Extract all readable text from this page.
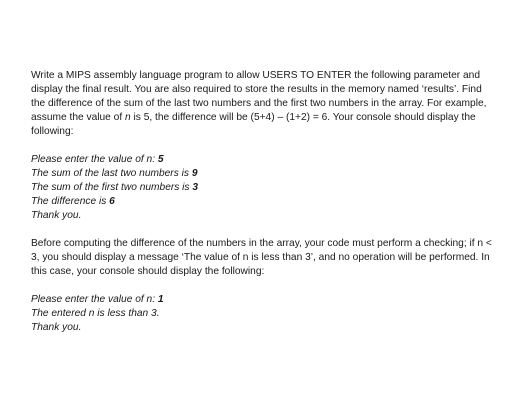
Write a MIPS assembly language program to allow USERS TO ENTER the following parameter and display the final result. You are also required to store the results in the memory named ‘results’. Find the difference of the sum of the last two numbers and the first two numbers in the array. For example, assume the value of n is 5, the difference will be (5+4) – (1+2) = 6. Your console should display the following:

Please enter the value of n: 5
The sum of the last two numbers is 9
The sum of the first two numbers is 3
The difference is 6
Thank you.

Before computing the difference of the numbers in the array, your code must perform a checking; if n < 3, you should display a message ‘The value of n is less than 3’, and no operation will be performed. In this case, your console should display the following:

Please enter the value of n: 1
The entered n is less than 3.
Thank you.
